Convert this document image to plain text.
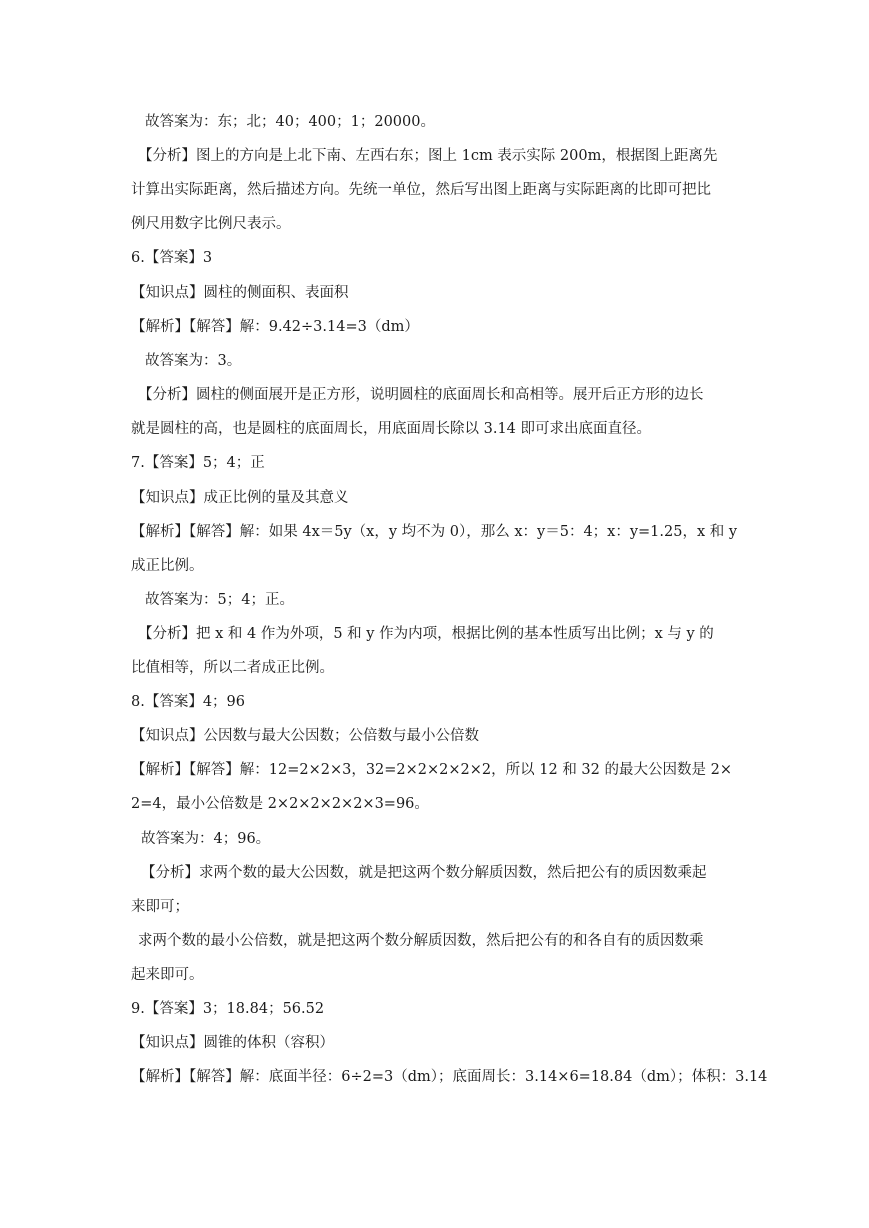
故答案为：东；北；40；400；1；20000。
【分析】图上的方向是上北下南、左西右东；图上 1cm 表示实际 200m，根据图上距离先
计算出实际距离，然后描述方向。先统一单位，然后写出图上距离与实际距离的比即可把比
例尺用数字比例尺表示。
6.【答案】3
【知识点】圆柱的侧面积、表面积
【解析】【解答】解：9.42÷3.14=3（dm）
故答案为：3。
【分析】圆柱的侧面展开是正方形，说明圆柱的底面周长和高相等。展开后正方形的边长
就是圆柱的高，也是圆柱的底面周长，用底面周长除以 3.14 即可求出底面直径。
7.【答案】5；4；正
【知识点】成正比例的量及其意义
【解析】【解答】解：如果 4x＝5y（x，y 均不为 0），那么 x：y＝5：4；x：y=1.25，x 和 y
成正比例。
故答案为：5；4；正。
【分析】把 x 和 4 作为外项，5 和 y 作为内项，根据比例的基本性质写出比例；x 与 y 的
比值相等，所以二者成正比例。
8.【答案】4；96
【知识点】公因数与最大公因数；公倍数与最小公倍数
【解析】【解答】解：12=2×2×3，32=2×2×2×2×2，所以 12 和 32 的最大公因数是 2×
2=4，最小公倍数是 2×2×2×2×2×3=96。
故答案为：4；96。
【分析】求两个数的最大公因数，就是把这两个数分解质因数，然后把公有的质因数乘起
来即可；
求两个数的最小公倍数，就是把这两个数分解质因数，然后把公有的和各自有的质因数乘
起来即可。
9.【答案】3；18.84；56.52
【知识点】圆锥的体积（容积）
【解析】【解答】解：底面半径：6÷2=3（dm）；底面周长：3.14×6=18.84（dm）；体积：3.14
